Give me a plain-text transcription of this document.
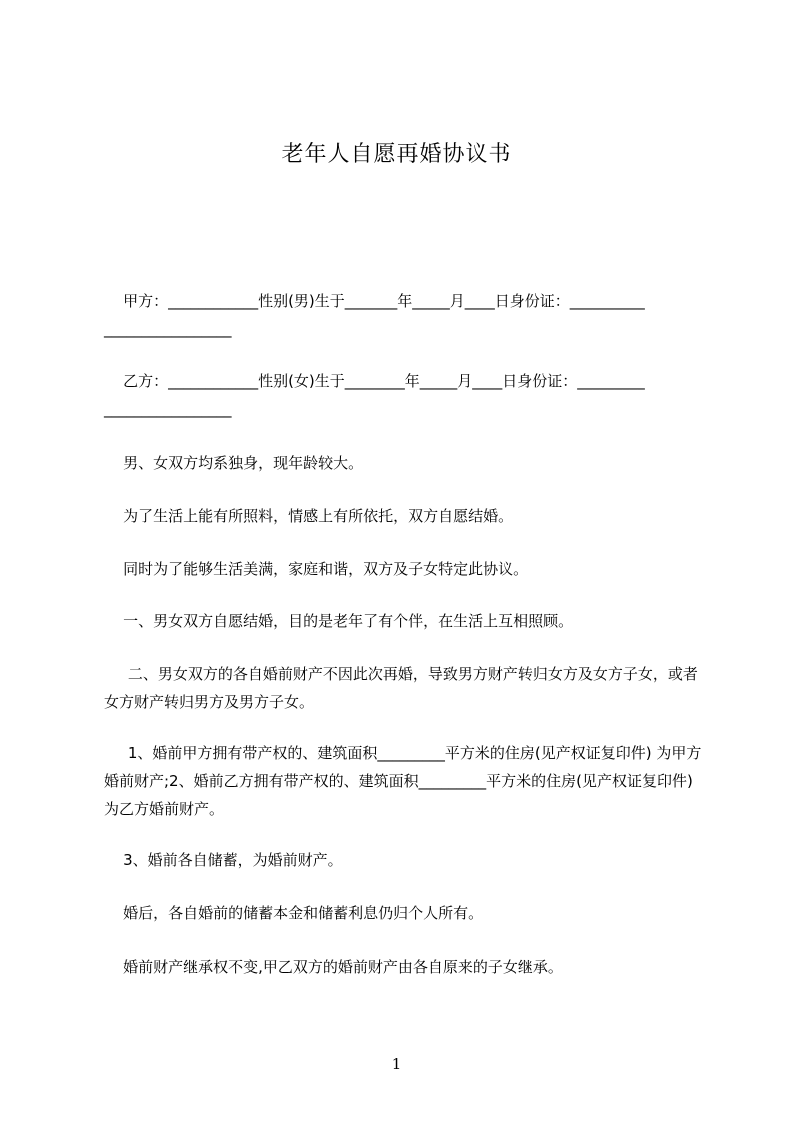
老年人自愿再婚协议书
甲方：____________性别(男)生于_______年_____月____日身份证：__________
_________________
乙方：____________性别(女)生于________年_____月____日身份证：_________
_________________
男、女双方均系独身，现年龄较大。
为了生活上能有所照料，情感上有所依托，双方自愿结婚。
同时为了能够生活美满，家庭和谐，双方及子女特定此协议。
一、男女双方自愿结婚，目的是老年了有个伴，在生活上互相照顾。
二、男女双方的各自婚前财产不因此次再婚，导致男方财产转归女方及女方子女，或者女方财产转归男方及男方子女。
1、婚前甲方拥有带产权的、建筑面积_________平方米的住房(见产权证复印件) 为甲方婚前财产;2、婚前乙方拥有带产权的、建筑面积_________平方米的住房(见产权证复印件)为乙方婚前财产。
3、婚前各自储蓄，为婚前财产。
婚后，各自婚前的储蓄本金和储蓄利息仍归个人所有。
婚前财产继承权不变,甲乙双方的婚前财产由各自原来的子女继承。
1
